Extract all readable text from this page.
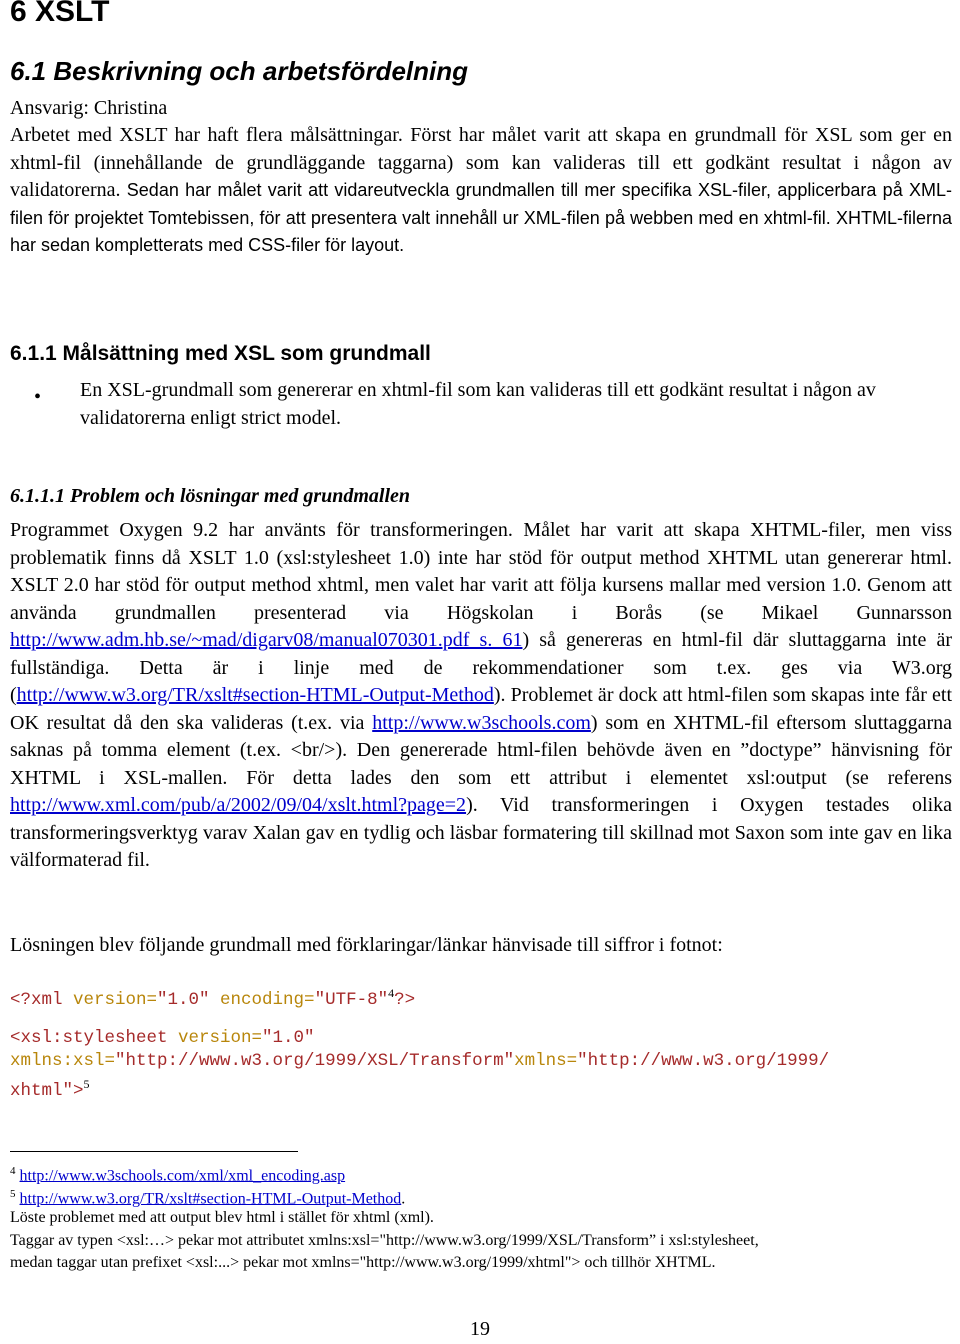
6 XSLT
6.1 Beskrivning och arbetsfördelning

Ansvarig: Christina

Arbetet med XSLT har haft flera målsättningar. Först har målet varit att skapa en grundmall för XSL som ger en xhtml-fil (innehållande de grundläggande taggarna) som kan valideras till ett godkänt resultat i någon av validatorerna. Sedan har målet varit att vidareutveckla grundmallen till mer specifika XSL-filer, applicerbara på XML-filen för projektet Tomtebissen, för att presentera valt innehåll ur XML-filen på webben med en xhtml-fil. XHTML-filerna har sedan kompletterats med CSS-filer för layout.

6.1.1 Målsättning med XSL som grundmall
• En XSL-grundmall som genererar en xhtml-fil som kan valideras till ett godkänt resultat i någon av validatorerna enligt strict model.

6.1.1.1 Problem och lösningar med grundmallen

Programmet Oxygen 9.2 har använts för transformeringen. Målet har varit att skapa XHTML-filer, men viss problematik finns då XSLT 1.0 (xsl:stylesheet 1.0) inte har stöd för output method XHTML utan genererar html. XSLT 2.0 har stöd för output method xhtml, men valet har varit att följa kursens mallar med version 1.0. Genom att använda grundmallen presenterad via Högskolan i Borås (se Mikael Gunnarsson http://www.adm.hb.se/~mad/digarv08/manual070301.pdf s. 61) så genereras en html-fil där sluttaggarna inte är fullständiga. Detta är i linje med de rekommendationer som t.ex. ges via W3.org (http://www.w3.org/TR/xslt#section-HTML-Output-Method). Problemet är dock att html-filen som skapas inte får ett OK resultat då den ska valideras (t.ex. via http://www.w3schools.com) som en XHTML-fil eftersom sluttaggarna saknas på tomma element (t.ex. <br/>). Den genererade html-filen behövde även en ”doctype” hänvisning för XHTML i XSL-mallen. För detta lades den som ett attribut i elementet xsl:output (se referens http://www.xml.com/pub/a/2002/09/04/xslt.html?page=2). Vid transformeringen i Oxygen testades olika transformeringsverktyg varav Xalan gav en tydlig och läsbar formatering till skillnad mot Saxon som inte gav en lika välformaterad fil.

Lösningen blev följande grundmall med förklaringar/länkar hänvisade till siffror i fotnot:

<?xml version="1.0" encoding="UTF-8"$^4$?>
<xsl:stylesheet version="1.0"
xmlns:xsl="http://www.w3.org/1999/XSL/Transform"xmlns="http://www.w3.org/1999/
xhtml">$^5$

$^4$ http://www.w3schools.com/xml/xml_encoding.asp

$^5$ http://www.w3.org/TR/xslt#section-HTML-Output-Method.

Löste problemet med att output blev html i stället för xhtml (xml).

Taggar av typen <xsl:…> pekar mot attributet xmlns:xsl="http://www.w3.org/1999/XSL/Transform” i xsl:stylesheet,

medan taggar utan prefixet <xsl:...> pekar mot xmlns="http://www.w3.org/1999/xhtml"> och tillhör XHTML.

19
